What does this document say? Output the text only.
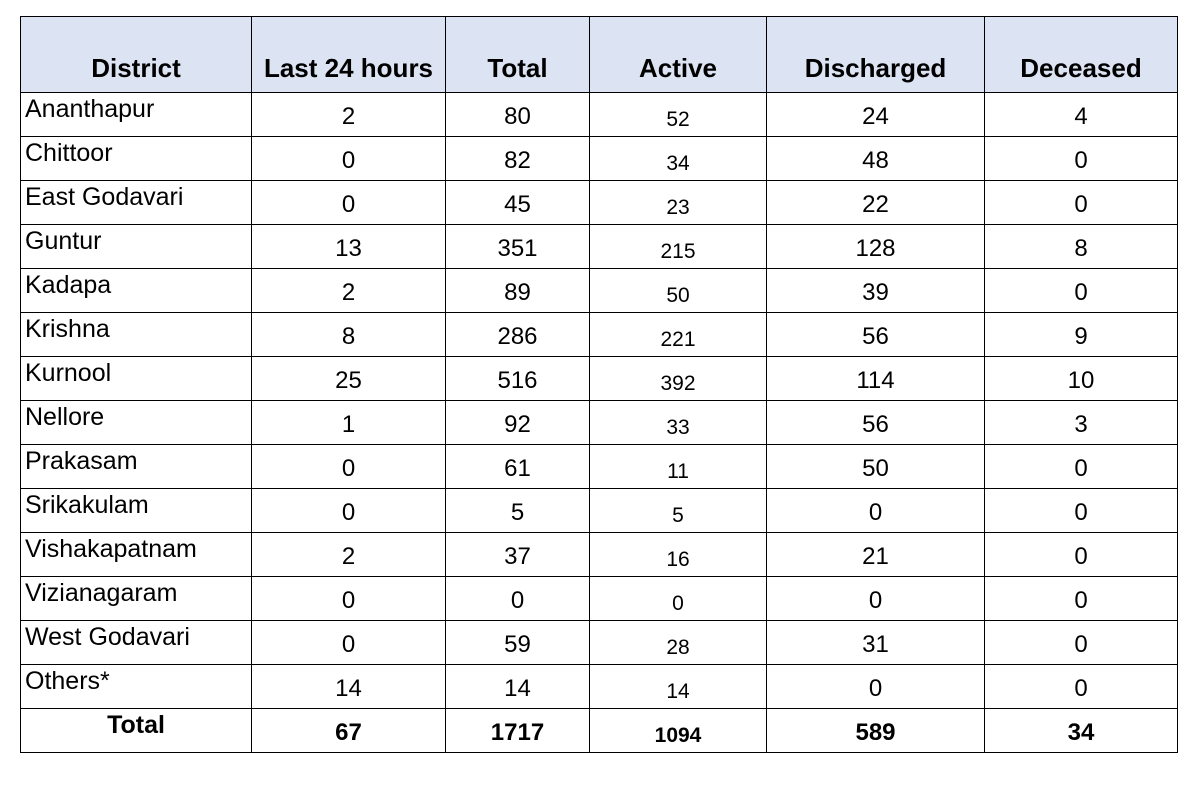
District	Last 24 hours	Total	Active	Discharged	Deceased
Ananthapur	2	80	52	24	4
Chittoor	0	82	34	48	0
East Godavari	0	45	23	22	0
Guntur	13	351	215	128	8
Kadapa	2	89	50	39	0
Krishna	8	286	221	56	9
Kurnool	25	516	392	114	10
Nellore	1	92	33	56	3
Prakasam	0	61	11	50	0
Srikakulam	0	5	5	0	0
Vishakapatnam	2	37	16	21	0
Vizianagaram	0	0	0	0	0
West Godavari	0	59	28	31	0
Others*	14	14	14	0	0
Total	67	1717	1094	589	34
